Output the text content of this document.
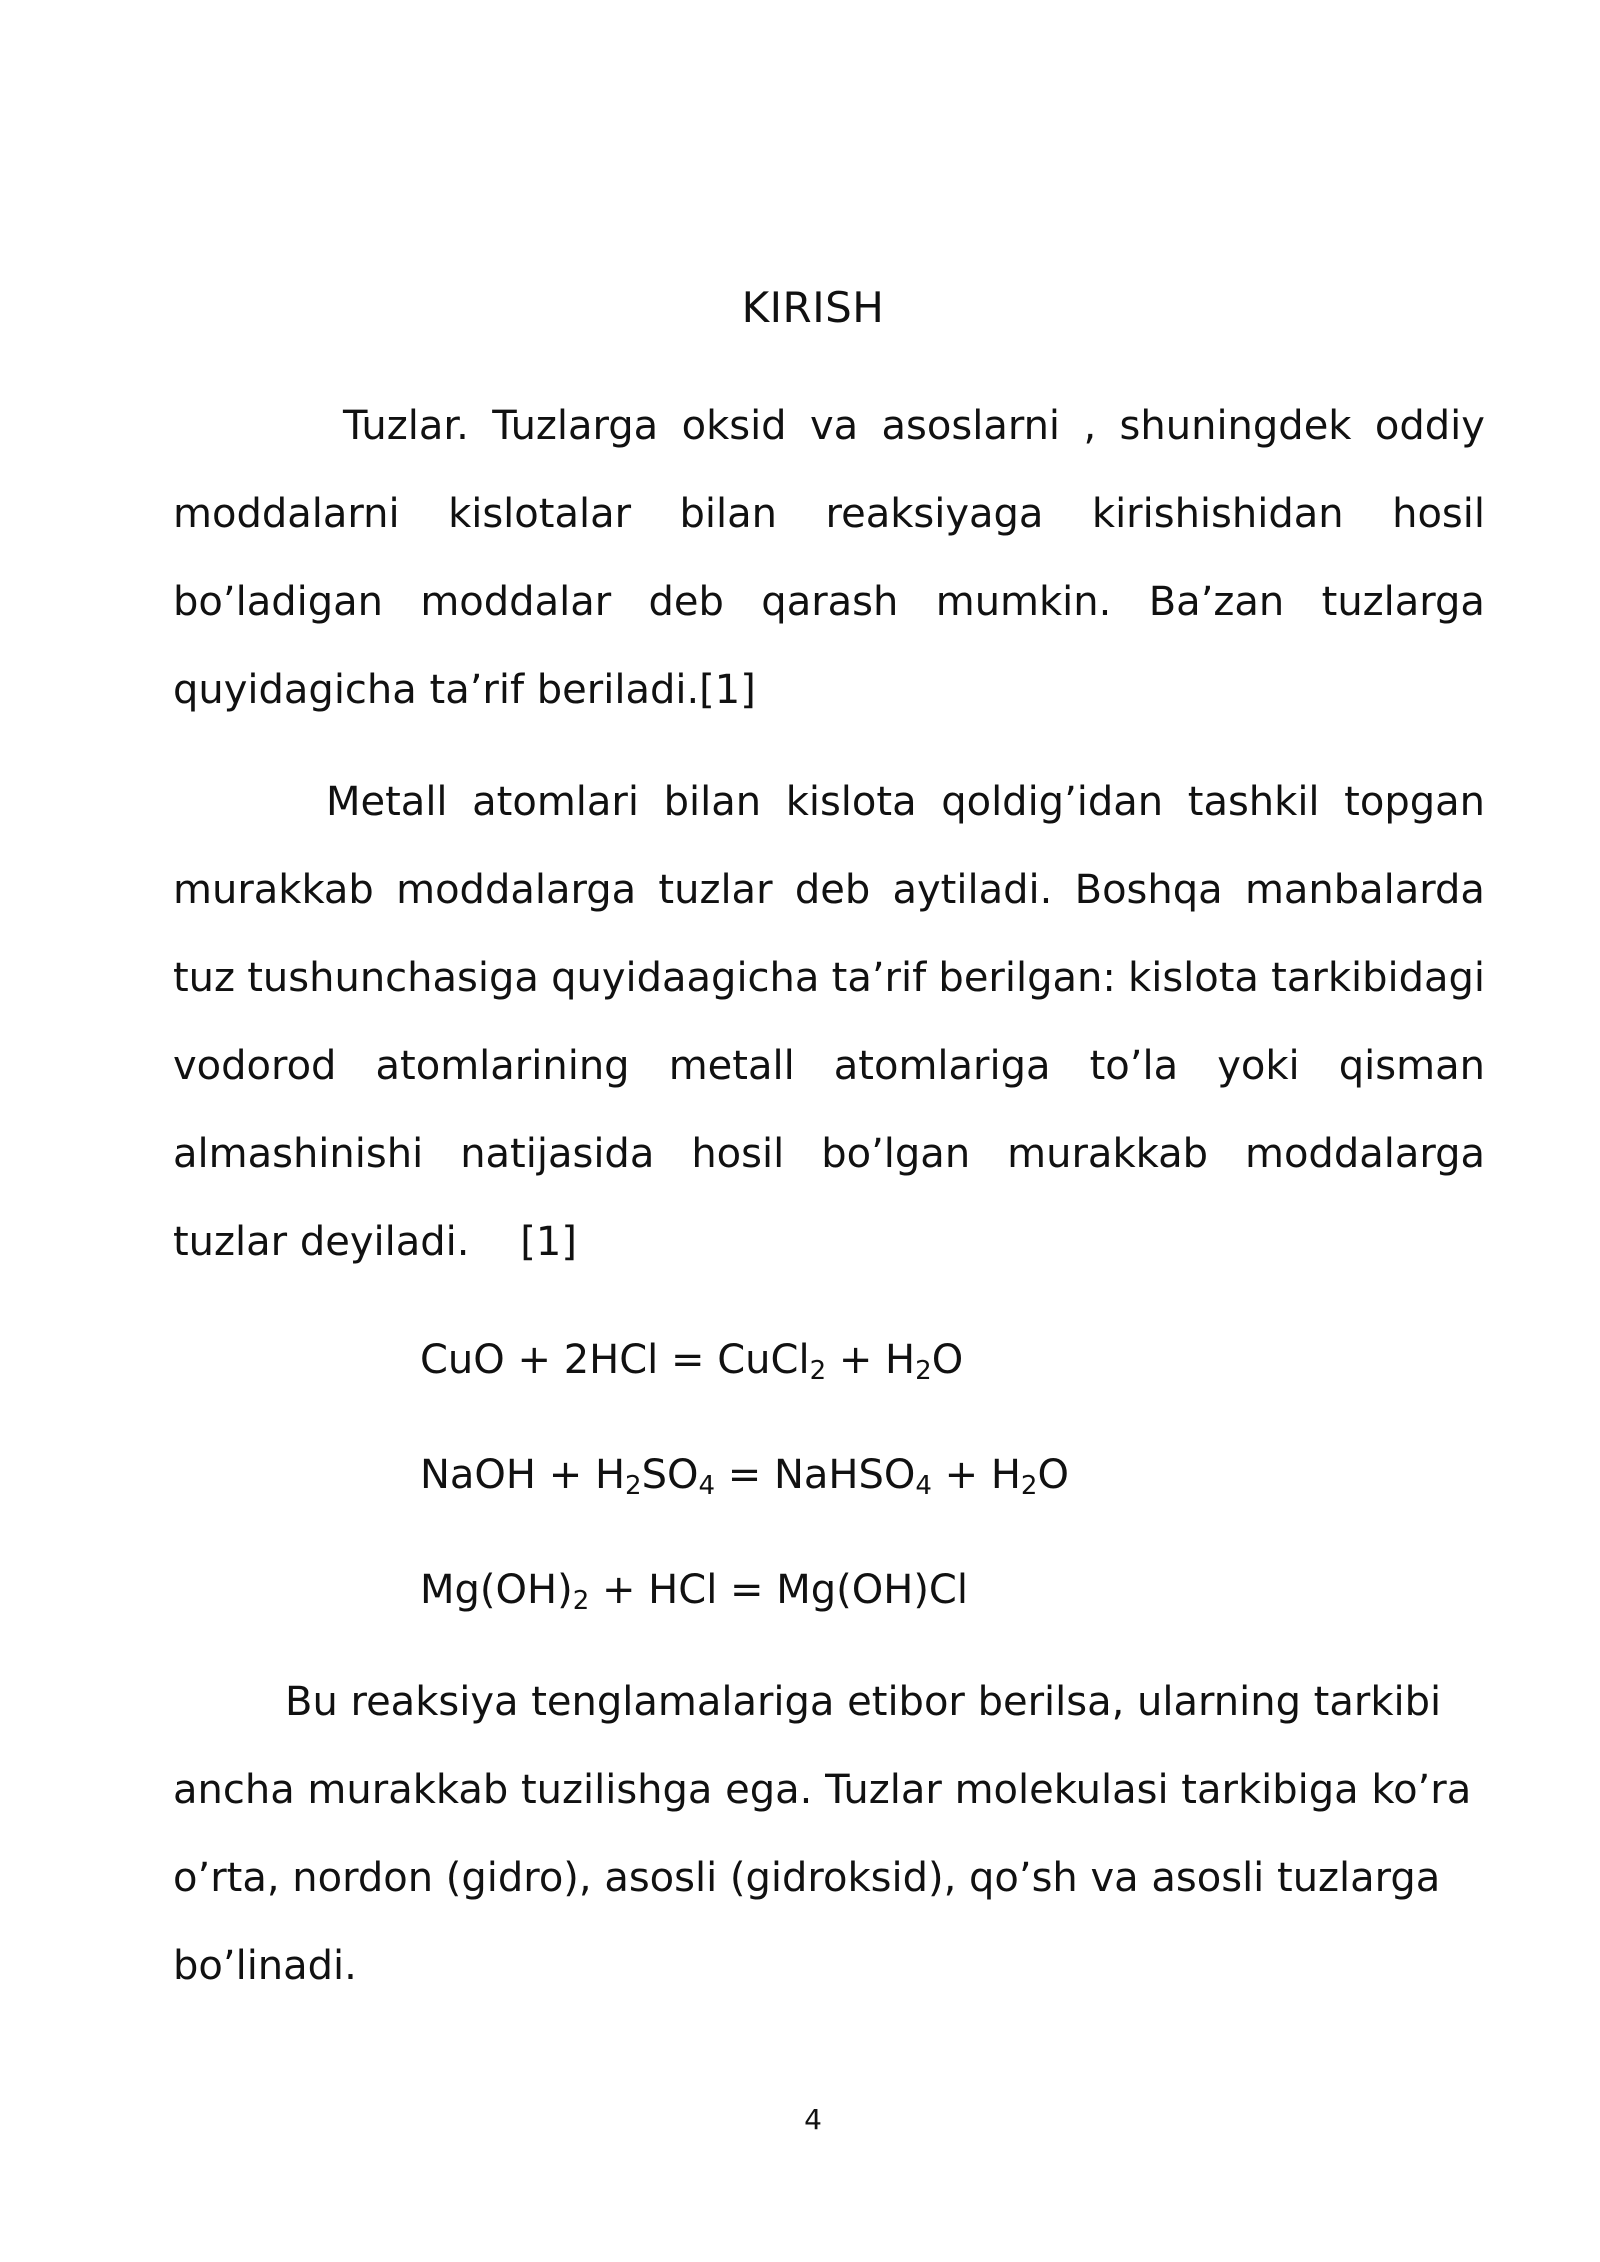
KIRISH
Tuzlar. Tuzlarga oksid va asoslarni , shuningdek oddiy
moddalarni kislotalar bilan reaksiyaga kirishishidan hosil
bo’ladigan moddalar deb qarash mumkin. Ba’zan tuzlarga
quyidagicha ta’rif beriladi.[1]
Metall atomlari bilan kislota qoldig’idan tashkil topgan
murakkab moddalarga tuzlar deb aytiladi. Boshqa manbalarda
tuz tushunchasiga quyidaagicha ta’rif berilgan: kislota tarkibidagi
vodorod atomlarining metall atomlariga to’la yoki qisman
almashinishi natijasida hosil bo’lgan murakkab moddalarga
tuzlar deyiladi.    [1]
CuO + 2HCl = CuCl$_2$ + $H_2O$
NaOH + $H_2SO_4$ = NaHSO$_4$ + $H_2O$
$Mg(OH)_2$ + HCl = Mg(OH)Cl
Bu reaksiya tenglamalariga etibor berilsa, ularning tarkibi
ancha murakkab tuzilishga ega. Tuzlar molekulasi tarkibiga ko’ra
o’rta, nordon (gidro), asosli (gidroksid), qo’sh va asosli tuzlarga
bo’linadi.
4
